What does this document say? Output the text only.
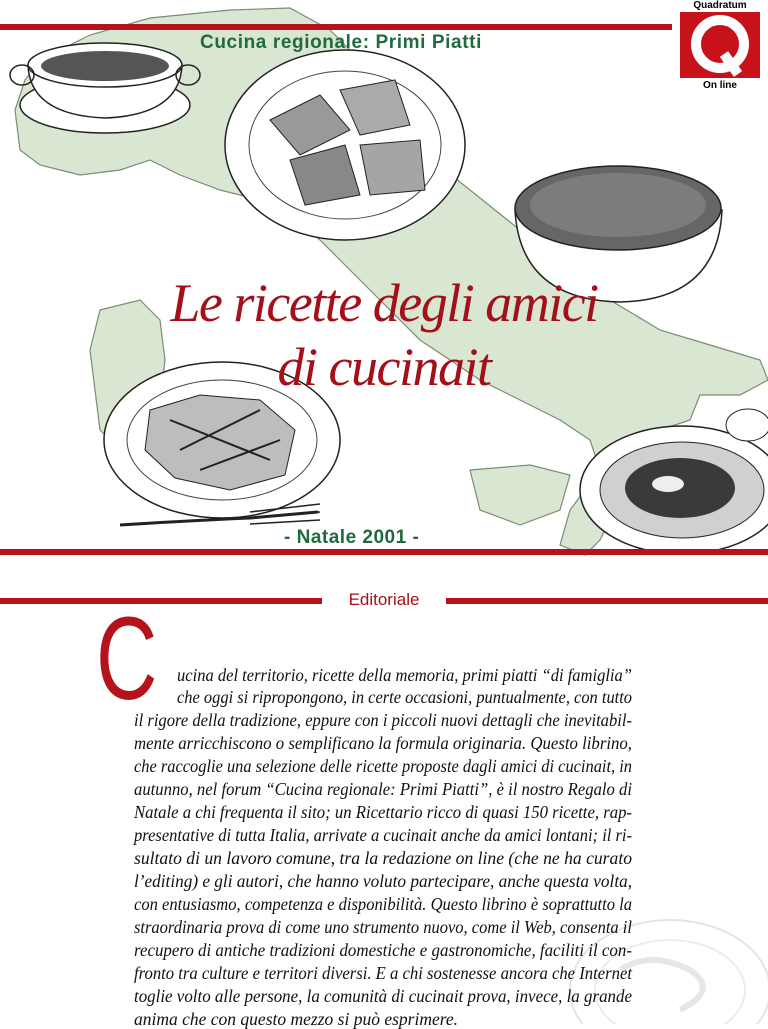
Cucina regionale: Primi Piatti
Le ricette degli amici
di cucinait
- Natale 2001 -
Quadratum
On line
Editoriale
C ucina del territorio, ricette della memoria, primi piatti “di famiglia”
che oggi si ripropongono, in certe occasioni, puntualmente, con tutto
il rigore della tradizione, eppure con i piccoli nuovi dettagli che inevitabil-
mente arricchiscono o semplificano la formula originaria. Questo librino,
che raccoglie una selezione delle ricette proposte dagli amici di cucinait, in
autunno, nel forum “Cucina regionale: Primi Piatti”, è il nostro Regalo di
Natale a chi frequenta il sito; un Ricettario ricco di quasi 150 ricette, rap-
presentative di tutta Italia, arrivate a cucinait anche da amici lontani; il ri-
sultato di un lavoro comune, tra la redazione on line (che ne ha curato
l’editing) e gli autori, che hanno voluto partecipare, anche questa volta,
con entusiasmo, competenza e disponibilità. Questo librino è soprattutto la
straordinaria prova di come uno strumento nuovo, come il Web, consenta il
recupero di antiche tradizioni domestiche e gastronomiche, faciliti il con-
fronto tra culture e territori diversi. E a chi sostenesse ancora che Internet
toglie volto alle persone, la comunità di cucinait prova, invece, la grande
anima che con questo mezzo si può esprimere.
